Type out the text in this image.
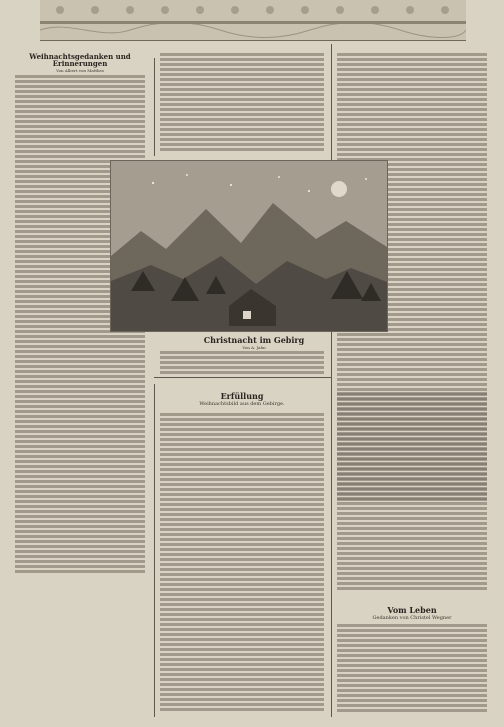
Weihnachtsgedanken und Erinnerungen
Von Albert von Matthes
Christnacht im Gebirg
Von A. Jahn
Erfüllung
Weihnachtsbild aus dem Gebirge.
Vom Leben
Gedanken von Christel Wegner
